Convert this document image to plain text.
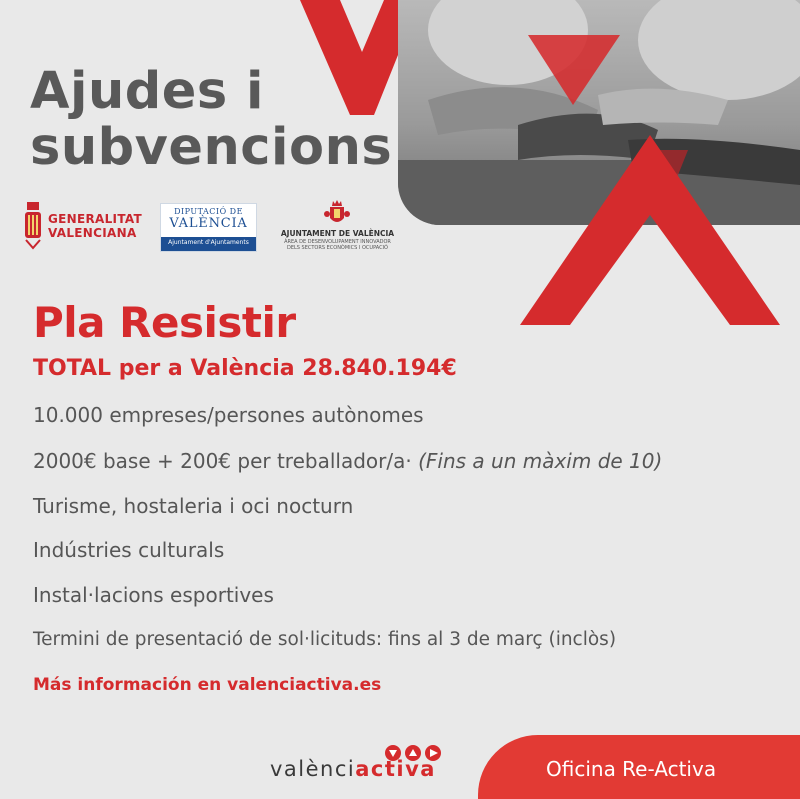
Ajudes i
subvencions
GENERALITAT
VALENCIANA
DIPUTACIÓ DE
VALÈNCIA
Ajuntament d'Ajuntaments
AJUNTAMENT DE VALÈNCIA
ÀREA DE DESENVOLUPAMENT INNOVADOR
DELS SECTORS ECONÒMICS I OCUPACIÓ
Pla Resistir

TOTAL per a València 28.840.194€

10.000 empreses/persones autònomes

2000€ base + 200€ per treballador/a· (Fins a un màxim de 10)

Turisme, hostaleria i oci nocturn

Indústries culturals

Instal·lacions esportives

Termini de presentació de sol·licituds: fins al 3 de març (inclòs)

Más información en valenciactiva.es

valènciactiva	Oficina Re-Activa
